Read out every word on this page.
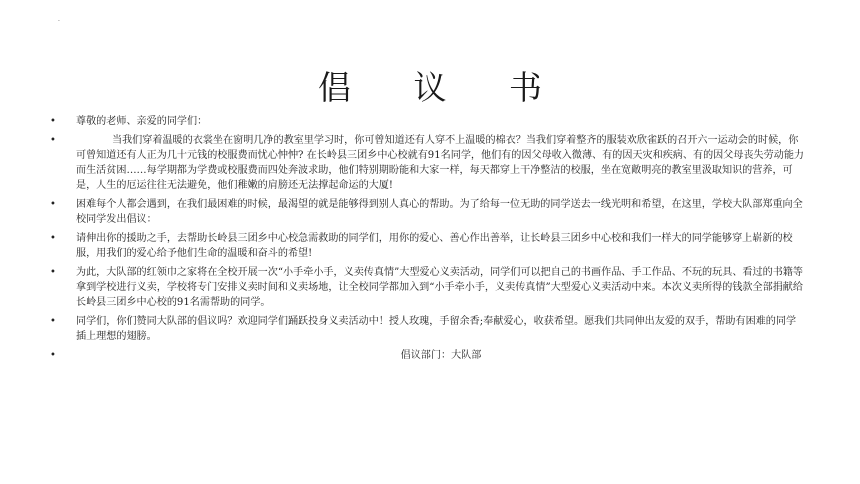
·
倡 议 书
• 尊敬的老师、亲爱的同学们：
•	当我们穿着温暖的衣裳坐在窗明几净的教室里学习时，你可曾知道还有人穿不上温暖的棉衣？当我们穿着整齐的服装欢欣雀跃的召开六一运动会的时候，你可曾知道还有人正为几十元钱的校服费而忧心忡忡? 在长岭县三团乡中心校就有91名同学，他们有的因父母收入微薄、有的因天灾和疾病、有的因父母丧失劳动能力而生活贫困……每学期都为学费或校服费而四处奔波求助，他们特别期盼能和大家一样，每天都穿上干净整洁的校服，坐在宽敞明亮的教室里汲取知识的营养，可是，人生的厄运往往无法避免，他们稚嫩的肩膀还无法撑起命运的大厦!
• 困难每个人都会遇到，在我们最困难的时候，最渴望的就是能够得到别人真心的帮助。为了给每一位无助的同学送去一线光明和希望，在这里，学校大队部郑重向全校同学发出倡议：
• 请伸出你的援助之手，去帮助长岭县三团乡中心校急需救助的同学们，用你的爱心、善心作出善举，让长岭县三团乡中心校和我们一样大的同学能够穿上崭新的校服，用我们的爱心给予他们生命的温暖和奋斗的希望!
• 为此，大队部的红领巾之家将在全校开展一次“小手牵小手，义卖传真情”大型爱心义卖活动，同学们可以把自己的书画作品、手工作品、不玩的玩具、看过的书籍等拿到学校进行义卖，学校将专门安排义卖时间和义卖场地，让全校同学都加入到“小手牵小手，义卖传真情”大型爱心义卖活动中来。本次义卖所得的钱款全部捐献给长岭县三团乡中心校的91名需帮助的同学。
• 同学们，你们赞同大队部的倡议吗？欢迎同学们踊跃投身义卖活动中！授人玫瑰，手留余香;奉献爱心，收获希望。愿我们共同伸出友爱的双手，帮助有困难的同学插上理想的翅膀。
•	倡议部门：大队部
